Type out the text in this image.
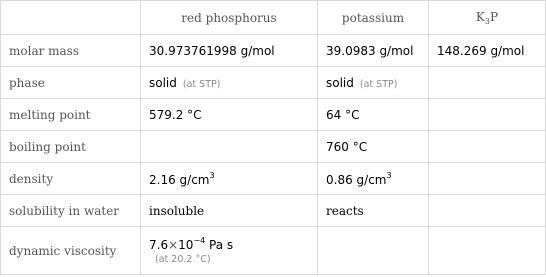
	red phosphorus	potassium	$K_3P$
molar mass	30.973761998 g/mol	39.0983 g/mol	148.269 g/mol
phase	solid (at STP)	solid (at STP)	
melting point	579.2 °C	64 °C	
boiling point		760 °C	
density	2.16 $g/cm^3$	0.86 $g/cm^3$	
solubility in water	insoluble	reacts	
dynamic viscosity	$7.6\times 10^{-4}$ Pa s
(at 20.2 °C)		
